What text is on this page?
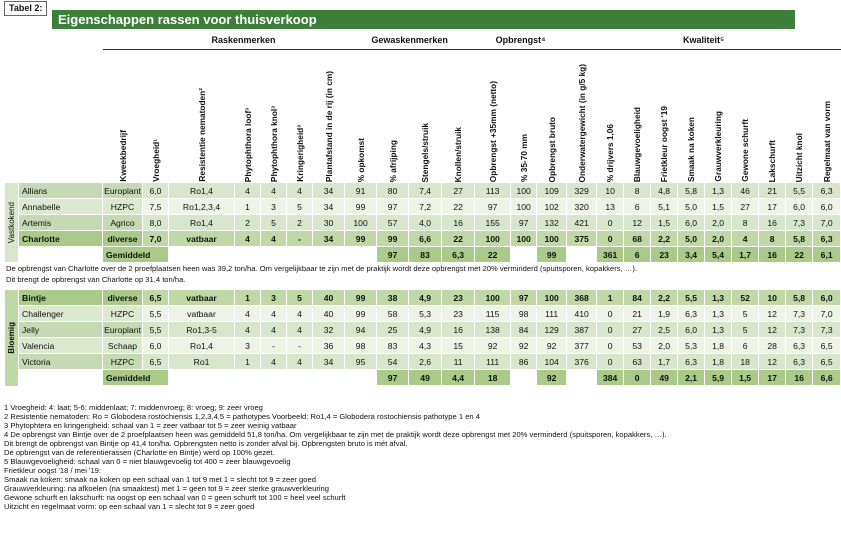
Tabel 2:
Eigenschappen rassen voor thuisverkoop
			Raskenmerken						Gewaskenmerken				Opbrengst⁴			Kwaliteit⁵										

		Kweekbedrijf	Vroegheid¹	Resistentie nematoden²	Phytophthora loof³	Phytophthora knol³	Kringerigheid³	Plantafstand in de rij (in cm)	% opkomst	% afrijping	Stengels/struik	Knollen/struik	Opbrengst +35mm (netto)	% 35-70 mm	Opbrengst bruto	Onderwatergewicht (in g/5 kg)	% drijvers 1,06	Blauwgevoeligheid	Frietkleur oogst '19	Smaak na koken	Grauwverkleuring	Gewone schurft	Lakschurft	Uitzicht knol	Regelmaat van vorm	

Vastkokend	Allians	Europlant	6,0	Ro1,4	4	4	4	34	91	80	7,4	27	113	100	109	329	10	8	4,8	5,8	1,3	46	21	5,5	6,3	
	Annabelle	HZPC	7,5	Ro1,2,3,4	1	3	5	34	99	97	7,2	22	97	100	102	320	13	6	5,1	5,0	1,5	27	17	6,0	6,0	
	Artemis	Agrico	8,0	Ro1,4	2	5	2	30	100	57	4,0	16	155	97	132	421	0	12	1,5	6,0	2,0	8	16	7,3	7,0	
	Charlotte	diverse	7,0	vatbaar	4	4	-	34	99	99	6,6	22	100	100	100	375	0	68	2,2	5,0	2,0	4	8	5,8	6,3	
		Gemiddeld								97	83	6,3	22		99		361	6	23	3,4	5,4	1,7	16	22	6,1	
De opbrengst van Charlotte over de 2 proefplaatsen heen was 39,2 ton/ha. Om vergelijkbaar te zijn met de praktijk wordt deze opbrengst met 20% verminderd (spuitsporen, kopakkers, …).																										
Dit brengt de opbrengst van Charlotte op 31,4 ton/ha.																										

Bloemig	Bintje	diverse	6,5	vatbaar	1	3	5	40	99	38	4,9	23	100	97	100	368	1	84	2,2	5,5	1,3	52	10	5,8	6,0	
	Challenger	HZPC	5,5	vatbaar	4	4	4	40	99	58	5,3	23	115	98	111	410	0	21	1,9	6,3	1,3	5	12	7,3	7,0	
	Jelly	Europlant	5,5	Ro1,3-5	4	4	4	32	94	25	4,9	16	138	84	129	387	0	27	2,5	6,0	1,3	5	12	7,3	7,3	
	Valencia	Schaap	6,0	Ro1,4	3	-	-	36	98	83	4,3	15	92	92	92	377	0	53	2,0	5,3	1,8	6	28	6,3	6,5	
	Victoria	HZPC	6,5	Ro1	1	4	4	34	95	54	2,6	11	111	86	104	376	0	63	1,7	6,3	1,8	18	12	6,3	6,5	
		Gemiddeld								97	49	4,4	18		92		384	0	49	2,1	5,9	1,5	17	16	6,6	
1 Vroegheid: 4: laat; 5-6: middenlaat; 7: middenvroeg; 8: vroeg; 9: zeer vroeg
2 Resistentie nematoden: Ro = Globodera rostochiensis 1,2,3,4,5 = pathotypes Voorbeeld: Ro1,4 = Globodera rostochiensis pathotype 1 en 4
3 Phytophtera en kringerigheid: schaal van 1 = zeer vatbaar tot 5 = zeer weinig vatbaar
4 De opbrengst van Bintje over de 2 proefplaatsen heen was gemiddeld 51,8 ton/ha. Om vergelijkbaar te zijn met de praktijk wordt deze opbrengst met 20% verminderd (spuitsporen, kopakkers, …).
Dit brengt de opbrengst van Bintje op 41,4 ton/ha. Opbrengsten netto is zonder afval bij. Opbrengsten bruto is mét afval.
De opbrengst van de referentierassen (Charlotte en Bintje) werd op 100% gezet.
5 Blauwgevoeligheid: schaal van 0 = niet blauwgevoelig tot 400 = zeer blauwgevoelig
Frietkleur oogst '18 / mei '19:
Smaak na koken: smaak na koken op een schaal van 1 tot 9 met 1 = slecht tot 9 = zeer goed
Grauwverkleuring: na afkoelen (na smaaktest) met 1 = geen tot 9 = zeer sterke grauwverkleuring
Gewone schurft en lakschurft: na oogst op een schaal van 0 = geen schurft tot 100 = heel veel schurft
Uitzicht en regelmaat vorm: op een schaal van 1 = slecht tot 9 = zeer goed
